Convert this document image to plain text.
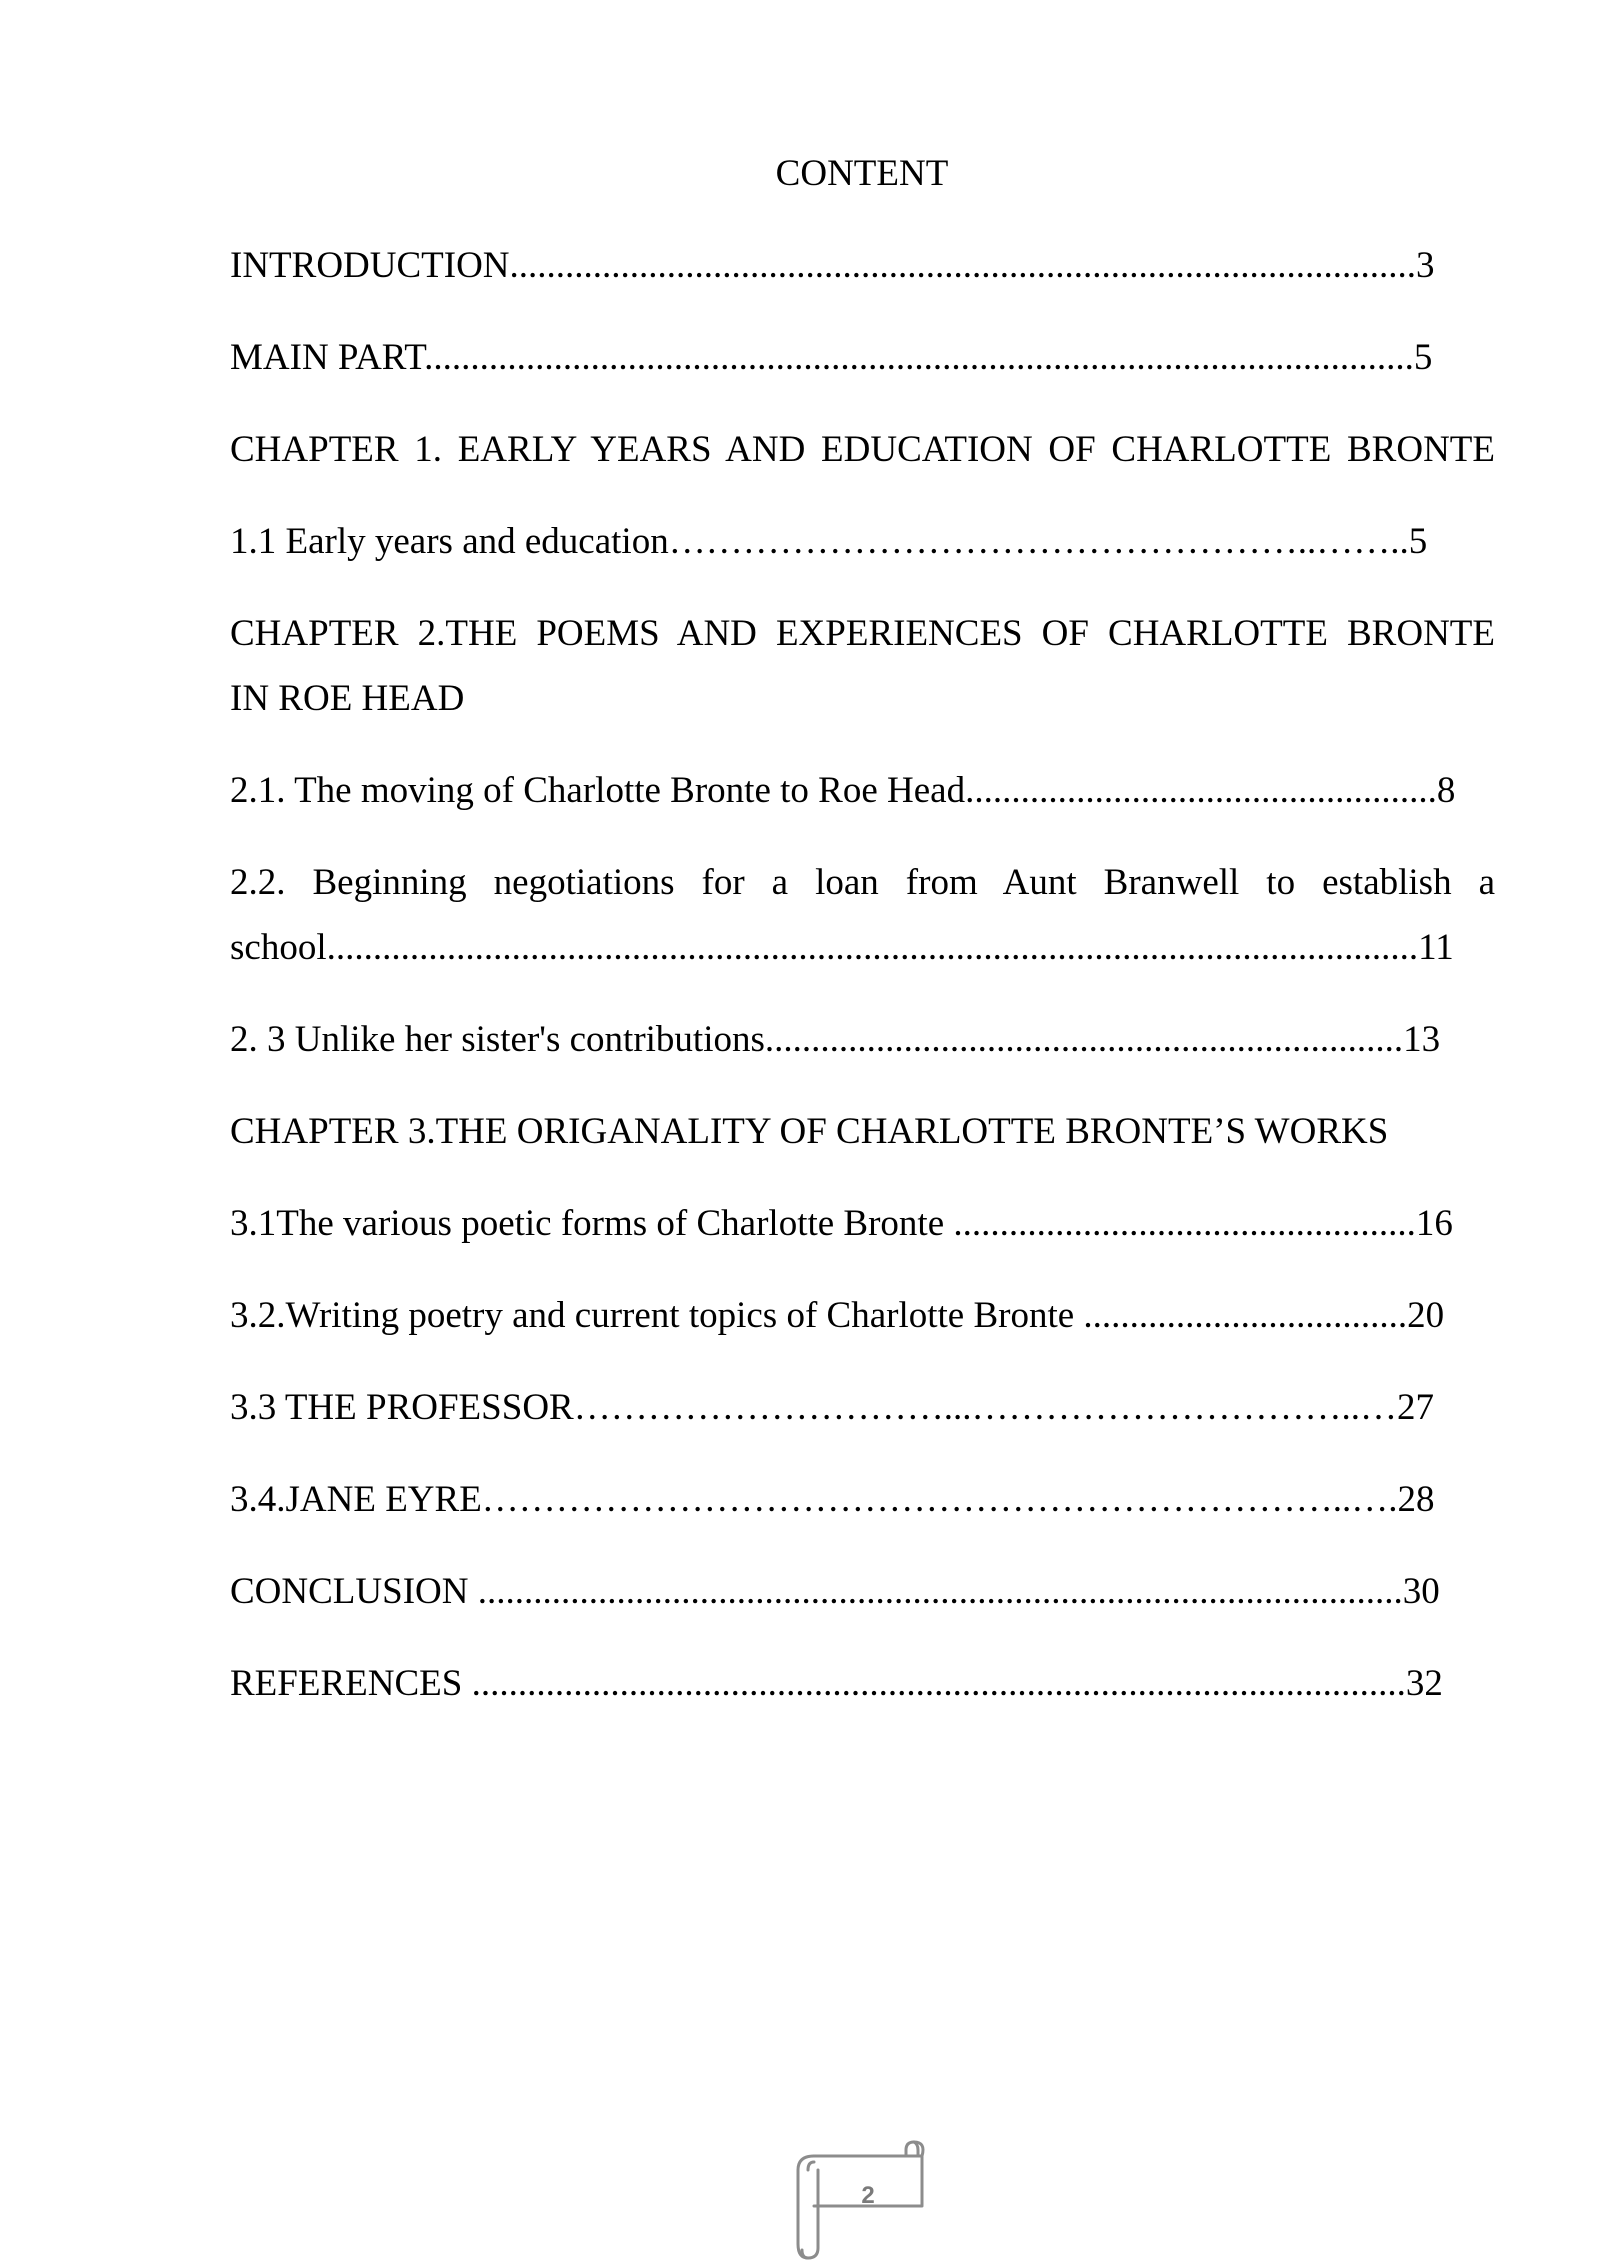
CONTENT
INTRODUCTION..................................................................................................3
MAIN PART...........................................................................................................5
CHAPTER 1. EARLY YEARS AND EDUCATION OF CHARLOTTE BRONTE
1.1 Early years and education……………………………………………..……..5
CHAPTER 2.THE POEMS AND EXPERIENCES OF CHARLOTTE BRONTE
IN ROE HEAD
2.1. The moving of Charlotte Bronte to Roe Head...................................................8
2.2. Beginning negotiations for a loan from Aunt Branwell to establish a
school......................................................................................................................11
2. 3 Unlike her sister's contributions.....................................................................13
CHAPTER 3.THE ORIGANALITY OF CHARLOTTE BRONTE’S WORKS
3.1The various poetic forms of Charlotte Bronte ..................................................16
3.2.Writing poetry and current topics of Charlotte Bronte ...................................20
3.3 THE PROFESSOR…………………………...…………………………..…27
3.4.JANE EYRE……………………………………………………………..….28
CONCLUSION ....................................................................................................30
REFERENCES .....................................................................................................32
2
